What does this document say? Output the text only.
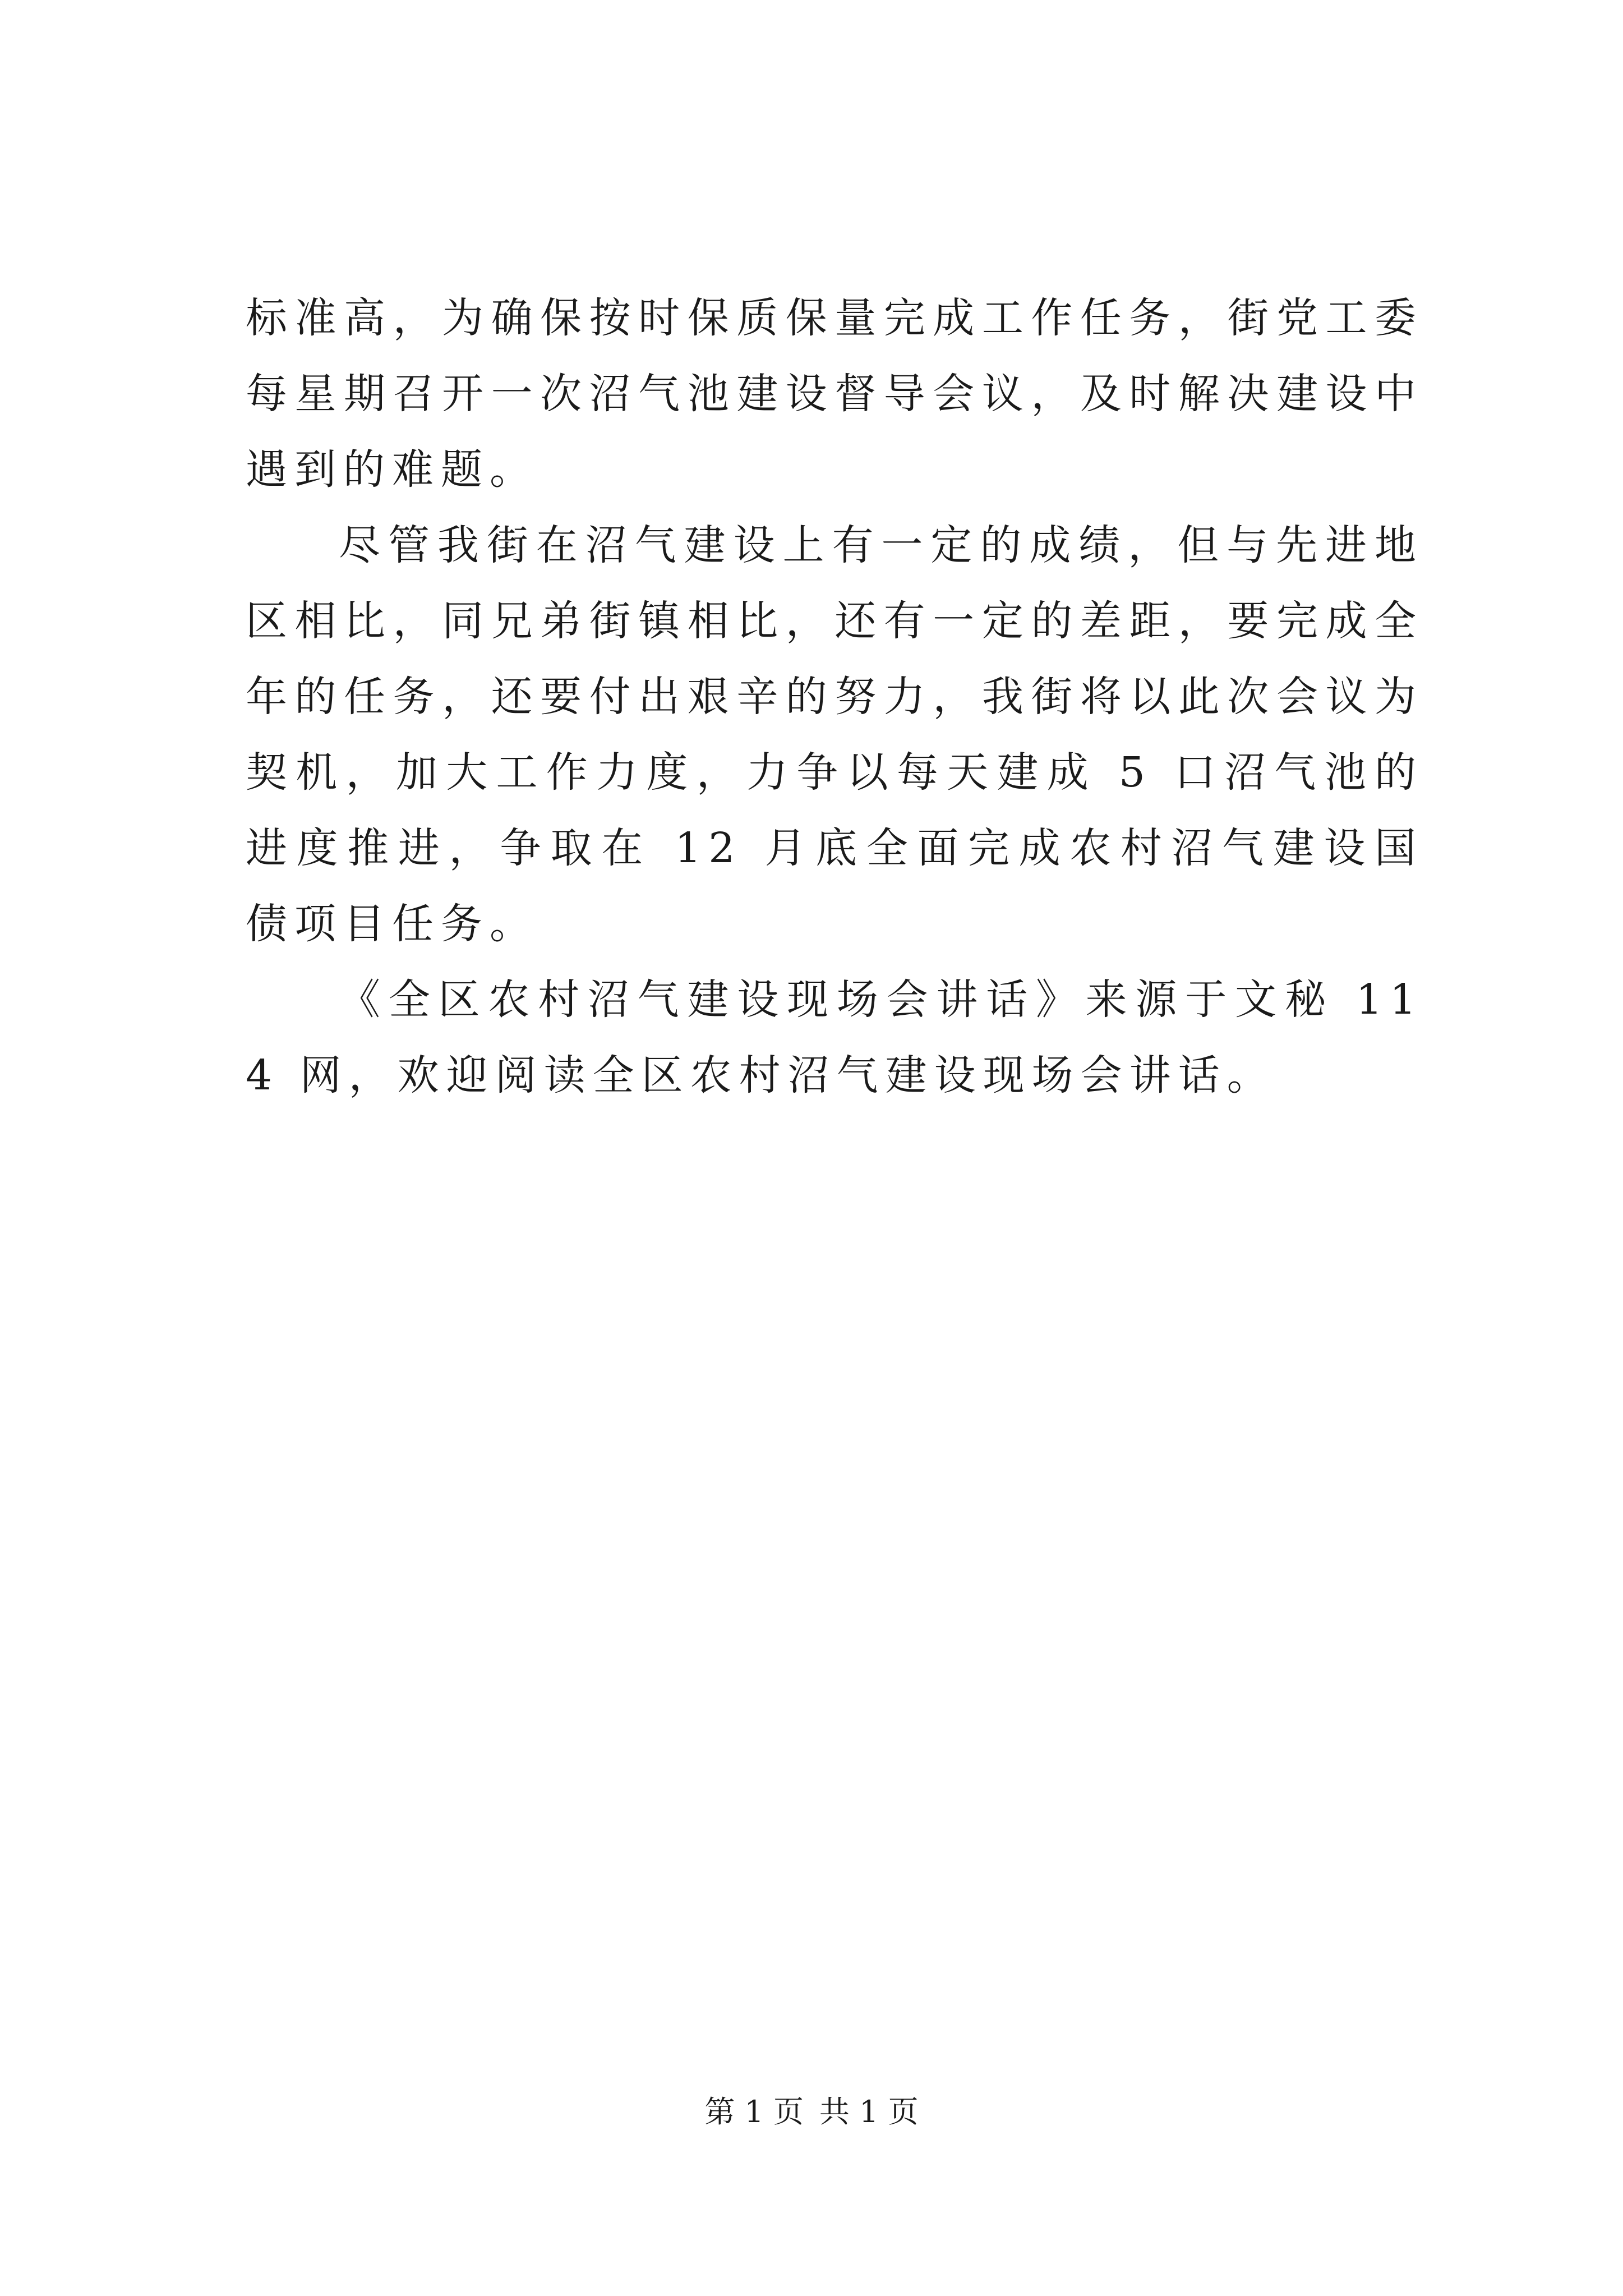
标准高，为确保按时保质保量完成工作任务，街党工委每星期召开一次沼气池建设督导会议，及时解决建设中遇到的难题。

尽管我街在沼气建设上有一定的成绩，但与先进地区相比，同兄弟街镇相比，还有一定的差距，要完成全年的任务，还要付出艰辛的努力，我街将以此次会议为契机，加大工作力度，力争以每天建成 5 口沼气池的进度推进，争取在 12 月底全面完成农村沼气建设国债项目任务。

《全区农村沼气建设现场会讲话》来源于文秘 114 网，欢迎阅读全区农村沼气建设现场会讲话。

第 1 页 共 1 页
